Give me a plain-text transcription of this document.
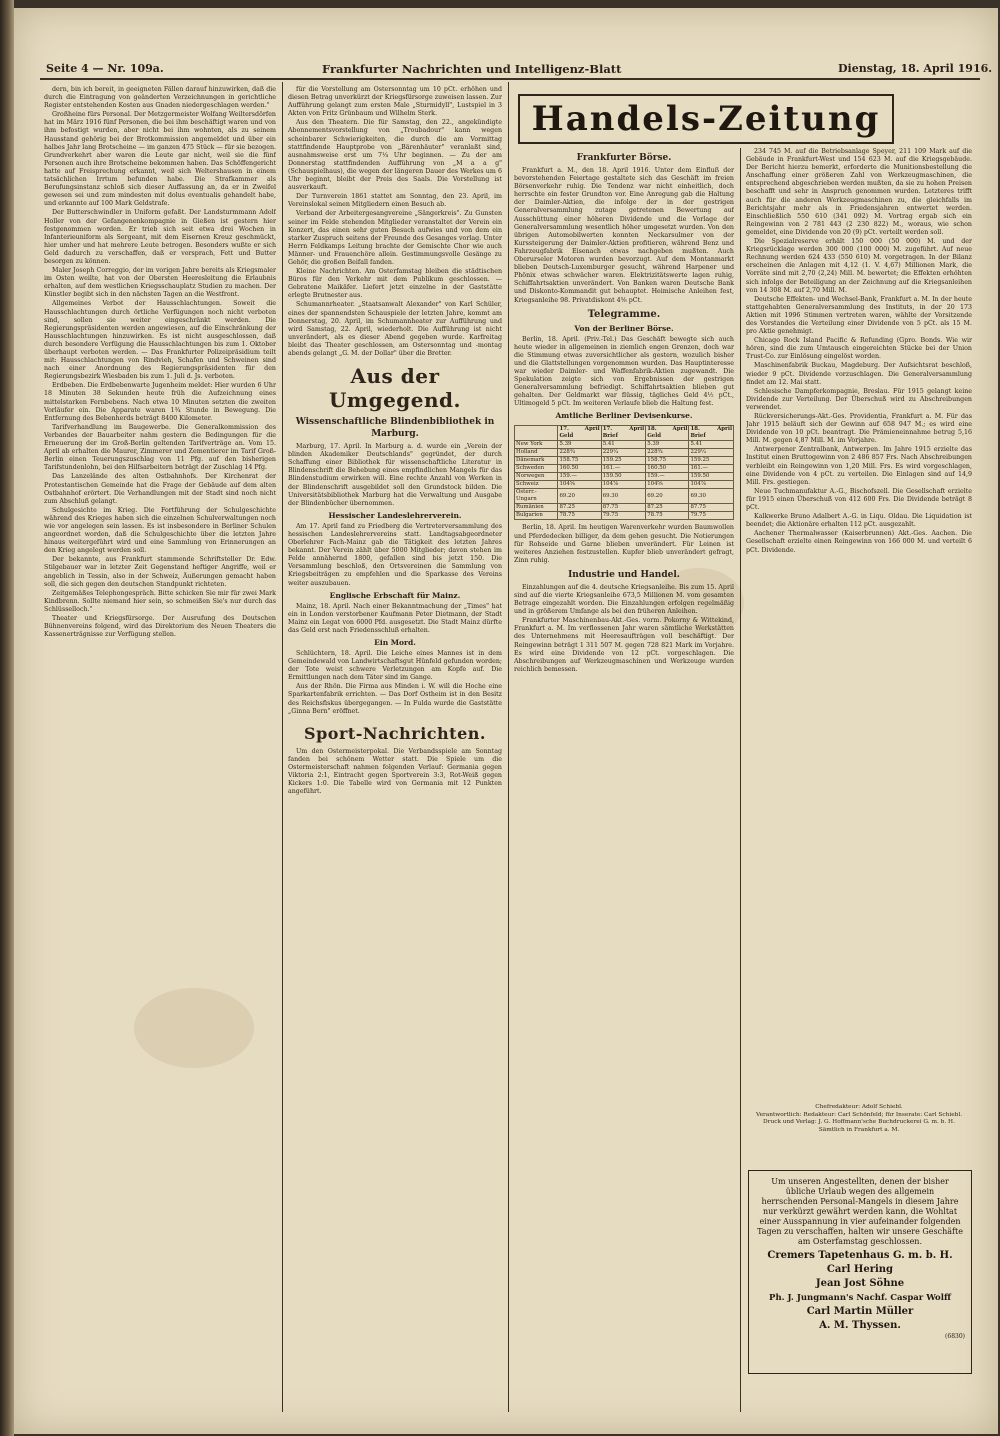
Seite 4 — Nr. 109a.	Frankfurter Nachrichten und Intelligenz-Blatt	Dienstag, 18. April 1916.

dern, bin ich bereit, in geeigneten Fällen darauf hinzuwirken, daß die durch die Eintragung von geänderten Verzeichnungen in gerichtliche Register entstehenden Kosten aus Gnaden niedergeschlagen werden."

Großheine fürs Personal. Der Metzgermeister Wolfang Weiltersdörfen hat im März 1916 fünf Personen, die bei ihm beschäftigt waren und von ihm befostigt wurden, aber nicht bei ihm wohnten, als zu seinem Hausstand gehörig bei der Brotkommission angemeldet und über ein halbes Jahr lang Brotscheine — im ganzen 475 Stück — für sie bezogen. Grundverkehrt aber waren die Leute gar nicht, weil sie die fünf Personen auch ihre Brotscheine bekommen haben. Das Schöffengericht hatte auf Freisprechung erkannt, weil sich Weltershausen in einem tatsächlichen Irrtum befunden habe. Die Strafkammer als Berufungsinstanz schloß sich dieser Auffassung an, da er in Zweifel gewesen sei und zum mindesten mit dolus eventualis gehandelt habe, und erkannte auf 100 Mark Geldstrafe.

Der Butterschwindler in Uniform gefaßt. Der Landsturmmann Adolf Holler von der Gefangenenkompagnie in Gießen ist gestern hier festgenommen worden. Er trieb sich seit etwa drei Wochen in Infanterieuniform als Sergeant, mit dem Eisernen Kreuz geschmückt, hier umher und hat mehrere Leute betrogen. Besonders wußte er sich Geld dadurch zu verschaffen, daß er versprach, Fett und Butter besorgen zu können.

Maler Joseph Correggio, der im vorigen Jahre bereits als Kriegsmaler im Osten weilte, hat von der Obersten Heeresleitung die Erlaubnis erhalten, auf dem westlichen Kriegsschauplatz Studien zu machen. Der Künstler begibt sich in den nächsten Tagen an die Westfront.

Allgemeines Verbot der Hausschlachtungen. Soweit die Hausschlachtungen durch örtliche Verfügungen noch nicht verboten sind, sollen sie weiter eingeschränkt werden. Die Regierungspräsidenten werden angewiesen, auf die Einschränkung der Hausschlachtungen hinzuwirken. Es ist nicht ausgeschlossen, daß durch besondere Verfügung die Hausschlachtungen bis zum 1. Oktober überhaupt verboten werden. — Das Frankfurter Polizeipräsidium teilt mit: Hausschlachtungen von Rindvieh, Schafen und Schweinen sind nach einer Anordnung des Regierungspräsidenten für den Regierungsbezirk Wiesbaden bis zum 1. Juli d. Js. verboten.

Erdbeben. Die Erdbebenwarte Jugenheim meldet: Hier wurden 6 Uhr 18 Minuten 38 Sekunden heute früh die Aufzeichnung eines mittelstarken Fernbebens. Nach etwa 10 Minuten setzten die zweiten Vorläufer ein. Die Apparate waren 1¾ Stunde in Bewegung. Die Entfernung des Bebenherds beträgt 8400 Kilometer.

Tarifverhandlung im Baugewerbe. Die Generalkommission des Verbandes der Bauarbeiter nahm gestern die Bedingungen für die Erneuerung der im Groß-Berlin geltenden Tarifverträge an. Vom 15. April ab erhalten die Maurer, Zimmerer und Zementierer im Tarif Groß-Berlin einen Teuerungszuschlag von 11 Pfg. auf den bisherigen Tarifstundenlohn, bei den Hilfsarbeitern beträgt der Zuschlag 14 Pfg.

Das Lanzelände des alten Ostbahnhofs. Der Kirchenrat der Protestantischen Gemeinde hat die Frage der Gebäude auf dem alten Ostbahnhof erörtert. Die Verhandlungen mit der Stadt sind noch nicht zum Abschluß gelangt.

Schulgesichte im Krieg. Die Fortführung der Schulgeschichte während des Krieges haben sich die einzelnen Schulverwaltungen noch wie vor angelegen sein lassen. Es ist insbesondere in Berliner Schulen angeordnet worden, daß die Schulgeschichte über die letzten Jahre hinaus weitergeführt wird und eine Sammlung von Erinnerungen an den Krieg angelegt werden soll.

Der bekannte, aus Frankfurt stammende Schriftsteller Dr. Edw. Stilgebauer war in letzter Zeit Gegenstand heftiger Angriffe, weil er angeblich in Tessin, also in der Schweiz, Äußerungen gemacht haben soll, die sich gegen den deutschen Standpunkt richteten.

Zeitgemäßes Telephongespräch. Bitte schicken Sie mir für zwei Mark Kindbrenn. Sollte niemand hier sein, so schmeißen Sie's nur durch das Schlüsselloch."

Theater und Kriegsfürsorge. Der Ausrufung des Deutschen Bühnenvereins folgend, wird das Direktorium des Neuen Theaters die Kassenerträgnisse zur Verfügung stellen.

für die Vorstellung am Ostersonntag um 10 pCt. erhöhen und diesen Betrag unverkürzt der Kriegsfürsorge zuweisen lassen. Zur Aufführung gelangt zum ersten Male „Sturmidyll", Lustspiel in 3 Akten von Fritz Grünbaum und Wilhelm Sterk.

Aus den Theatern. Die für Samstag, den 22., angekündigte Abonnementsvorstellung von „Troubadour" kann wegen scheinbarer Schwierigkeiten, die durch die am Vormittag stattfindende Hauptprobe von „Bärenhäuter" veranlaßt sind, ausnahmsweise erst um 7¼ Uhr beginnen. — Zu der am Donnerstag stattfindenden Aufführung von „M a a g" (Schauspielhaus), die wegen der längeren Dauer des Werkes um 6 Uhr beginnt, bleibt der Preis des Saals. Die Vorstellung ist ausverkauft.

Der Turnverein 1861 stattet am Sonntag, den 23. April, im Vereinslokal seinen Mitgliedern einen Besuch ab.

Verband der Arbeitergesangvereine „Sängerkreis". Zu Gunsten seiner im Felde stehenden Mitglieder veranstaltet der Verein ein Konzert, das einen sehr guten Besuch aufwies und von dem ein starker Zuspruch seitens der Freunde des Gesanges vorlag. Unter Herrn Feldkamps Leitung brachte der Gemischte Chor wie auch Männer- und Frauenchöre allein. Gestimmungsvolle Gesänge zu Gehör, die großen Beifall fanden.

Kleine Nachrichten. Am Osterfamstag bleiben die städtischen Büros für den Verkehr mit dem Publikum geschlossen. — Gebratene Maikäfer. Liefert jetzt einzelne in der Gaststätte erlegte Brutnester aus.

Schumannrheater. „Staatsanwalt Alexander" von Karl Schüler, eines der spannendsten Schauspiele der letzten Jahre, kommt am Donnerstag, 20. April, im Schumannheater zur Aufführung und wird Samstag, 22. April, wiederholt. Die Aufführung ist nicht unverändert, als es dieser Abend gegeben wurde. Karfreitag bleibt das Theater geschlossen, am Ostersonntag und -montag abends gelangt „G. M. der Dollar" über die Bretter.

Aus der Umgegend.
Wissenschaftliche Blindenbibliothek in Marburg.

Marburg, 17. April. In Marburg a. d. wurde ein „Verein der blinden Akademiker Deutschlands" gegründet, der durch Schaffung einer Bibliothek für wissenschaftliche Literatur in Blindenschrift die Behebung eines empfindlichen Mangels für das Blindenstudium erwirken will. Eine rechte Anzahl von Werken in der Blindenschrift ausgebildet soll den Grundstock bilden. Die Universitätsbibliothek Marburg hat die Verwaltung und Ausgabe der Blindenbücher übernommen.

Hessischer Landeslehrerverein.

Am 17. April fand zu Friedberg die Vertreterversammlung des hessischen Landeslehrervereins statt. Landtagsabgeordneter Oberlehrer Fach-Mainz gab die Tätigkeit des letzten Jahres bekannt. Der Verein zählt über 5000 Mitglieder; davon stehen im Felde annähernd 1800, gefallen sind bis jetzt 150. Die Versammlung beschloß, den Ortsvereinen die Sammlung von Kriegsbeiträgen zu empfehlen und die Sparkasse des Vereins weiter auszubauen.

Englische Erbschaft für Mainz.

Mainz, 18. April. Nach einer Bekanntmachung der „Times" hat ein in London verstorbener Kaufmann Peter Dietmann, der Stadt Mainz ein Legat von 6000 Pfd. ausgesetzt. Die Stadt Mainz dürfte das Geld erst nach Friedensschluß erhalten.

Ein Mord.

Schlüchtern, 18. April. Die Leiche eines Mannes ist in dem Gemeindewald von Landwirtschaftsgut Hünfeld gefunden worden; der Tote weist schwere Verletzungen am Kopfe auf. Die Ermittlungen nach dem Täter sind im Gange.

Aus der Rhön. Die Firma aus Minden i. W. will die Hoche eine Sparkartenfabrik errichten. — Das Dorf Ostheim ist in den Besitz des Reichsfiskus übergegangen. — In Fulda wurde die Gaststätte „Ginna Bern" eröffnet.

Sport-Nachrichten.

Um den Ostermeisterpokal. Die Verbandsspiele am Sonntag fanden bei schönem Wetter statt. Die Spiele um die Ostermeisterschaft nahmen folgenden Verlauf: Germania gegen Viktoria 2:1, Eintracht gegen Sportverein 3:3, Rot-Weiß gegen Kickers 1:0. Die Tabelle wird von Germania mit 12 Punkten angeführt.

Handels-Zeitung
Frankfurter Börse.

Frankfurt a. M., den 18. April 1916. Unter dem Einfluß der bevorstehenden Feiertage gestaltete sich das Geschäft im freien Börsenverkehr ruhig. Die Tendenz war nicht einheitlich, doch herrschte ein fester Grundton vor. Eine Anregung gab die Haltung der Daimler-Aktien, die infolge der in der gestrigen Generalversammlung zutage getretenen Bewertung auf Ausschüttung einer höheren Dividende und die Vorlage der Generalversammlung wesentlich höher umgesetzt wurden. Von den übrigen Automobilwerten konnten Neckarsulmer von der Kurssteigerung der Daimler-Aktien profitieren, während Benz und Fahrzeugfabrik Eisenach etwas nachgeben mußten. Auch Oberurseler Motoren wurden bevorzugt. Auf dem Montanmarkt blieben Deutsch-Luxemburger gesucht, während Harpener und Phönix etwas schwächer waren. Elektrizitätswerte lagen ruhig, Schiffahrtsaktien unverändert. Von Banken waren Deutsche Bank und Diskonto-Kommandit gut behauptet. Heimische Anleihen fest, Kriegsanleihe 98. Privatdiskont 4⅝ pCt.

Telegramme.
Von der Berliner Börse.

Berlin, 18. April. (Priv.-Tel.) Das Geschäft bewegte sich auch heute wieder in allgemeinen in ziemlich engen Grenzen, doch war die Stimmung etwas zuversichtlicher als gestern, wozulich bisher und die Glattstellungen vorgenommen wurden. Das Hauptinteresse war wieder Daimler- und Waffenfabrik-Aktien zugewandt. Die Spekulation zeigte sich von Ergebnissen der gestrigen Generalversammlung befriedigt. Schiffahrtsaktien blieben gut gehalten. Der Geldmarkt war flüssig, tägliches Geld 4½ pCt., Ultimogeld 5 pCt. Im weiteren Verlaufe blieb die Haltung fest.

Amtliche Berliner Devisenkurse.
	17. April Geld	17. April Brief	18. April Geld	18. April Brief
New York	5.39	5.41	5.39	5.41
Holland	228¾	229¼	228¾	229¼
Dänemark	158.75	159.25	158.75	159.25
Schweden	160.50	161.—	160.50	161.—
Norwegen	159.—	159.50	159.—	159.50
Schweiz	104⅝	104⅞	104⅝	104⅞
Österr.-Ungarn	69.20	69.30	69.20	69.30
Rumänien	87.25	87.75	87.25	87.75
Bulgarien	78.75	79.75	78.75	79.75

Berlin, 18. April. Im heutigen Warenverkehr wurden Baumwollen und Pferdedecken billiger, da dem gehen gesucht. Die Notierungen für Rohseide und Garne blieben unverändert. Für Leinen ist weiteres Anziehen festzustellen. Kupfer blieb unverändert gefragt, Zinn ruhig.

Industrie und Handel.

Einzahlungen auf die 4. deutsche Kriegsanleihe. Bis zum 15. April sind auf die vierte Kriegsanleihe 673,5 Millionen M. vom gesamten Betrage eingezahlt worden. Die Einzahlungen erfolgen regelmäßig und in größerem Umfange als bei den früheren Anleihen.

Frankfurter Maschinenbau-Akt.-Ges. vorm. Pokorny & Wittekind, Frankfurt a. M. Im verflossenen Jahr waren sämtliche Werkstätten des Unternehmens mit Heeresaufträgen voll beschäftigt. Der Reingewinn beträgt 1 311 507 M. gegen 728 821 Mark im Vorjahre. Es wird eine Dividende von 12 pCt. vorgeschlagen. Die Abschreibungen auf Werkzeugmaschinen und Werkzeuge wurden reichlich bemessen.

234 745 M. auf die Betriebsanlage Speyer, 211 109 Mark auf die Gebäude in Frankfurt-West und 154 623 M. auf die Kriegsgebäude. Der Bericht hierzu bemerkt, erforderte die Munitionsbestellung die Anschaffung einer größeren Zahl von Werkzeugmaschinen, die entsprechend abgeschrieben werden mußten, da sie zu hohen Preisen beschafft und sehr in Anspruch genommen wurden. Letzteres trifft auch für die anderen Werkzeugmaschinen zu, die gleichfalls im Berichtsjahr mehr als in Friedensjahren entwertet werden. Einschließlich 550 610 (341 092) M. Vortrag ergab sich ein Reingewinn von 2 781 443 (2 230 822) M., woraus, wie schon gemeldet, eine Dividende von 20 (9) pCt. verteilt werden soll.

Die Spezialreserve erhält 150 000 (50 000) M. und der Kriegsrücklage werden 300 000 (100 000) M. zugeführt. Auf neue Rechnung werden 624 433 (550 610) M. vorgetragen. In der Bilanz erscheinen die Anlagen mit 4,12 (1. V. 4,67) Millionen Mark, die Vorräte sind mit 2,70 (2,24) Mill. M. bewertet; die Effekten erhöhten sich infolge der Beteiligung an der Zeichnung auf die Kriegsanleihen von 14 308 M. auf 2,70 Mill. M.

Deutsche Effekten- und Wechsel-Bank, Frankfurt a. M. In der heute stattgehabten Generalversammlung des Instituts, in der 20 173 Aktien mit 1996 Stimmen vertreten waren, wählte der Vorsitzende des Vorstandes die Verteilung einer Dividende von 5 pCt. als 15 M. pro Aktie genehmigt.

Chicago Rock Island Pacific & Refunding (Gpro. Bonds. Wie wir hören, sind die zum Umtausch eingereichten Stücke bei der Union Trust-Co. zur Einlösung eingelöst worden.

Maschinenfabrik Buckau, Magdeburg. Der Aufsichtsrat beschloß, wieder 9 pCt. Dividende vorzuschlagen. Die Generalversammlung findet am 12. Mai statt.

Schlesische Dampferkompagnie, Breslau. Für 1915 gelangt keine Dividende zur Verteilung. Der Überschuß wird zu Abschreibungen verwendet.

Rückversicherungs-Akt.-Ges. Providentia, Frankfurt a. M. Für das Jahr 1915 beläuft sich der Gewinn auf 658 947 M.; es wird eine Dividende von 10 pCt. beantragt. Die Prämieneinnahme betrug 5,16 Mill. M. gegen 4,87 Mill. M. im Vorjahre.

Antwerpener Zentralbank, Antwerpen. Im Jahre 1915 erzielte das Institut einen Bruttogewinn von 2 486 857 Frs. Nach Abschreibungen verbleibt ein Reingewinn von 1,20 Mill. Frs. Es wird vorgeschlagen, eine Dividende von 4 pCt. zu verteilen. Die Einlagen sind auf 14,9 Mill. Frs. gestiegen.

Neue Tuchmanufaktur A.-G., Bischofszell. Die Gesellschaft erzielte für 1915 einen Überschuß von 412 600 Frs. Die Dividende beträgt 8 pCt.

Kalkwerke Bruno Adalbert A.-G. in Liqu. Oldau. Die Liquidation ist beendet; die Aktionäre erhalten 112 pCt. ausgezahlt.

Aachener Thermalwasser (Kaiserbrunnen) Akt.-Ges. Aachen. Die Gesellschaft erzielte einen Reingewinn von 166 000 M. und verteilt 6 pCt. Dividende.

Chefredakteur: Adolf Schiebl.
Verantwortlich: Redakteur: Carl Schönfeld; für Inserate: Carl Schiebl.
Druck und Verlag: J. G. Hoffmann'sche Buchdruckerei G. m. b. H.
Sämtlich in Frankfurt a. M.
Um unseren Angestellten, denen der bisher übliche Urlaub wegen des allgemein herrschenden Personal-Mangels in diesem Jahre nur verkürzt gewährt werden kann, die Wohltat einer Ausspannung in vier aufeinander folgenden Tagen zu verschaffen, halten wir unsere Geschäfte am Osterfamstag geschlossen.
Cremers Tapetenhaus G. m. b. H.
Carl Hering
Jean Jost Söhne
Ph. J. Jungmann's Nachf. Caspar Wolff
Carl Martin Müller
A. M. Thyssen.
(6830)
